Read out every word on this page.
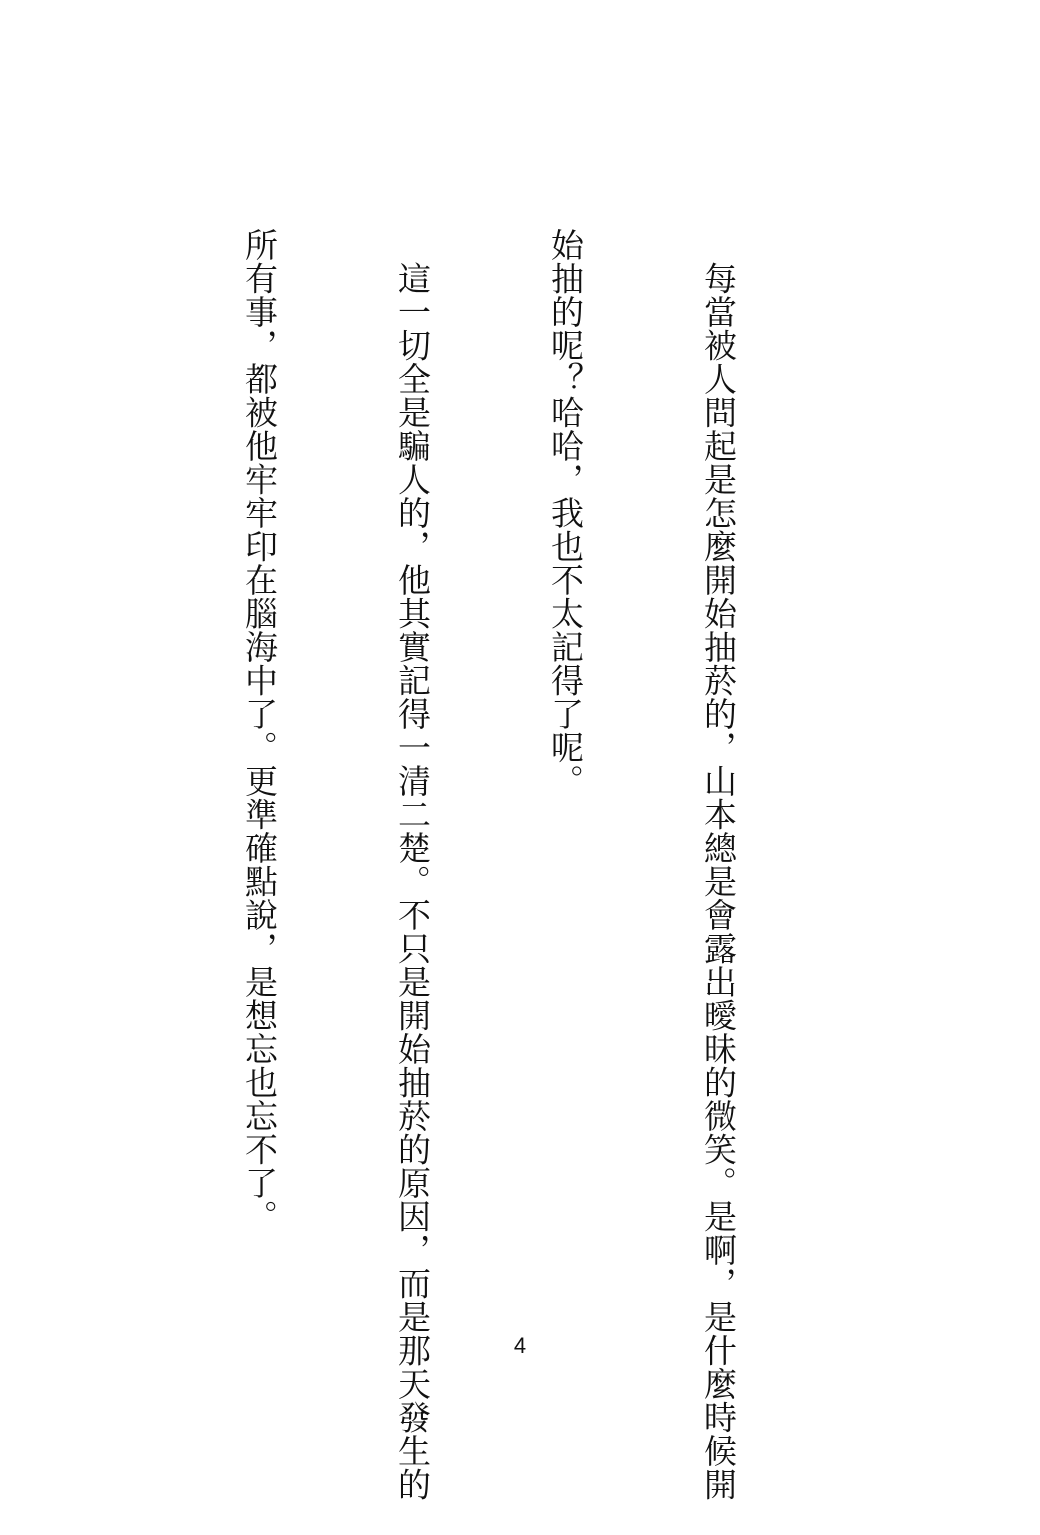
　每當被人問起是怎麼開始抽菸的，山本總是會露出曖昧的微笑。是啊，是什麼時候開

始抽的呢？哈哈，我也不太記得了呢。

　這一切全是騙人的，他其實記得一清二楚。不只是開始抽菸的原因，而是那天發生的

所有事，都被他牢牢印在腦海中了。更準確點說，是想忘也忘不了。

4
